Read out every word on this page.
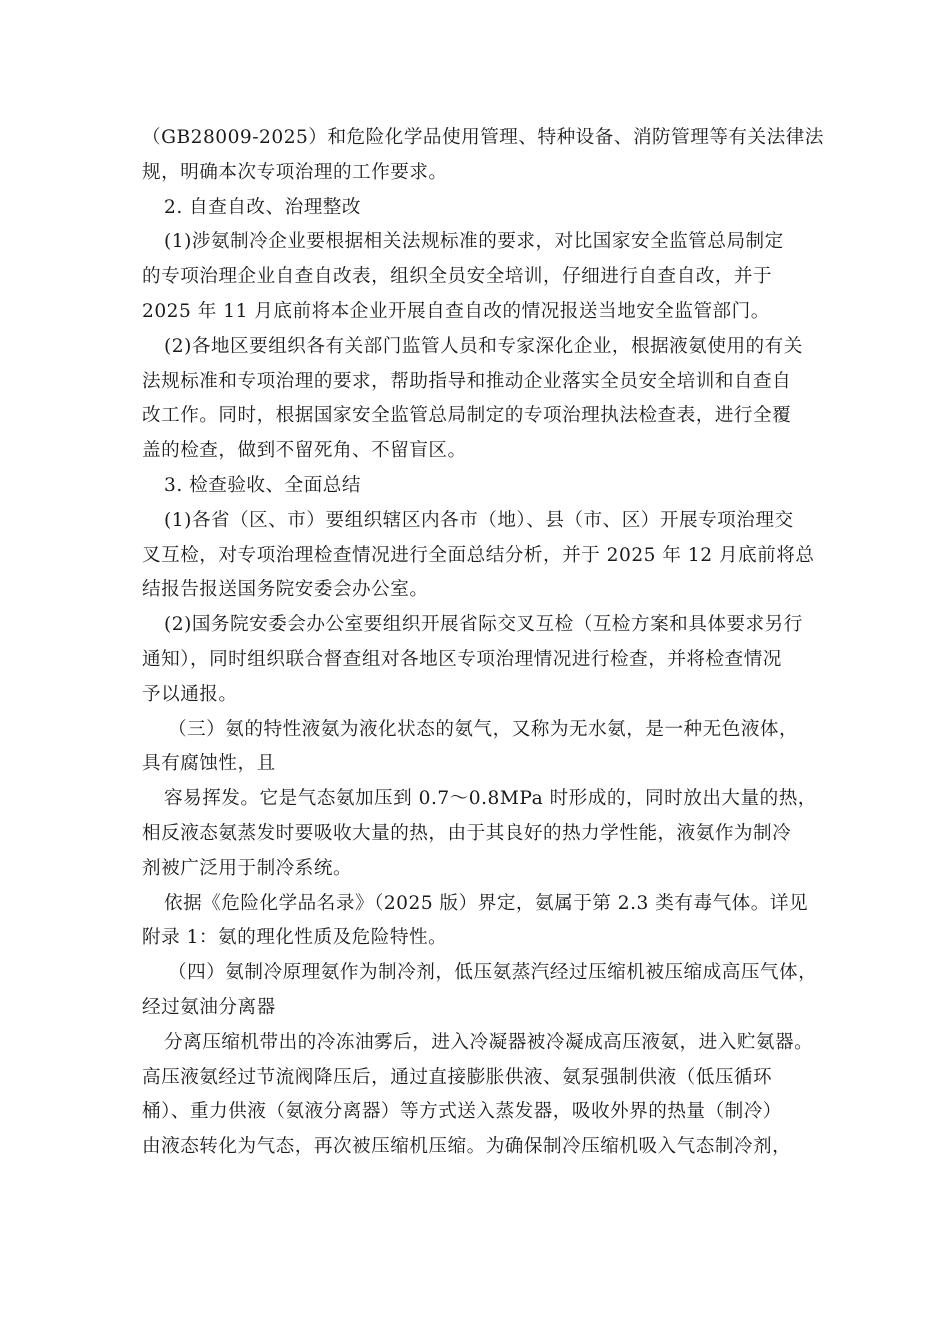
（GB28009-2025）和危险化学品使用管理、特种设备、消防管理等有关法律法
规，明确本次专项治理的工作要求。
2. 自查自改、治理整改
(1)涉氨制冷企业要根据相关法规标准的要求，对比国家安全监管总局制定
的专项治理企业自查自改表，组织全员安全培训，仔细进行自查自改，并于
2025 年 11 月底前将本企业开展自查自改的情况报送当地安全监管部门。
(2)各地区要组织各有关部门监管人员和专家深化企业，根据液氨使用的有关
法规标准和专项治理的要求，帮助指导和推动企业落实全员安全培训和自查自
改工作。同时，根据国家安全监管总局制定的专项治理执法检查表，进行全覆
盖的检查，做到不留死角、不留盲区。
3. 检查验收、全面总结
(1)各省（区、市）要组织辖区内各市（地）、县（市、区）开展专项治理交
叉互检，对专项治理检查情况进行全面总结分析，并于 2025 年 12 月底前将总
结报告报送国务院安委会办公室。
(2)国务院安委会办公室要组织开展省际交叉互检（互检方案和具体要求另行
通知），同时组织联合督查组对各地区专项治理情况进行检查，并将检查情况
予以通报。
（三）氨的特性液氨为液化状态的氨气，又称为无水氨，是一种无色液体，
具有腐蚀性，且
容易挥发。它是气态氨加压到 0.7～0.8MPa 时形成的，同时放出大量的热，
相反液态氨蒸发时要吸收大量的热，由于其良好的热力学性能，液氨作为制冷
剂被广泛用于制冷系统。
依据《危险化学品名录》（2025 版）界定，氨属于第 2.3 类有毒气体。详见
附录 1：氨的理化性质及危险特性。
（四）氨制冷原理氨作为制冷剂，低压氨蒸汽经过压缩机被压缩成高压气体，
经过氨油分离器
分离压缩机带出的冷冻油雾后，进入冷凝器被冷凝成高压液氨，进入贮氨器。
高压液氨经过节流阀降压后，通过直接膨胀供液、氨泵强制供液（低压循环
桶）、重力供液（氨液分离器）等方式送入蒸发器，吸收外界的热量（制冷）
由液态转化为气态，再次被压缩机压缩。为确保制冷压缩机吸入气态制冷剂，
